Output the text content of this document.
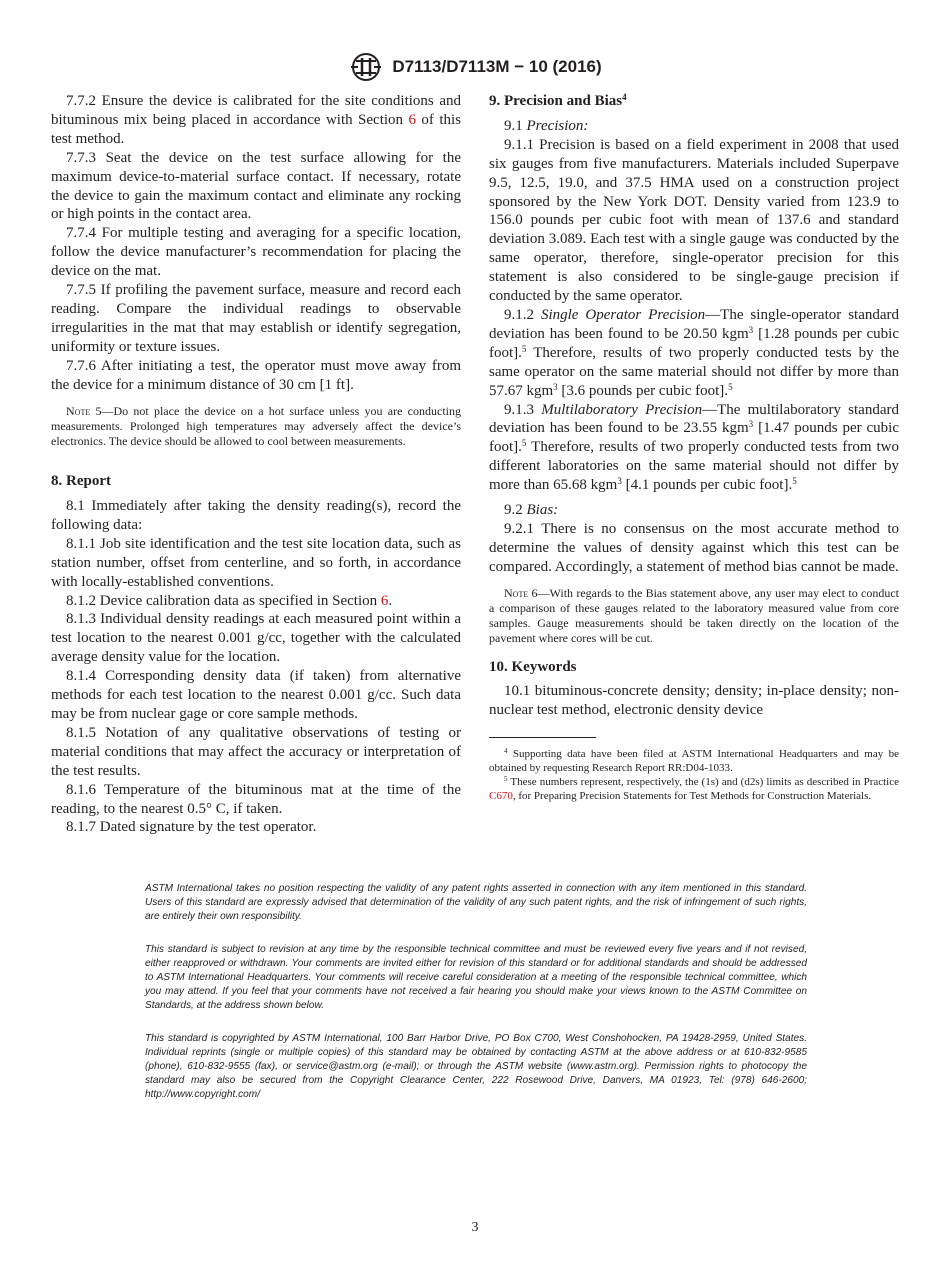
D7113/D7113M − 10 (2016)

7.7.2 Ensure the device is calibrated for the site conditions and bituminous mix being placed in accordance with Section 6 of this test method.

7.7.3 Seat the device on the test surface allowing for the maximum device-to-material surface contact. If necessary, rotate the device to gain the maximum contact and eliminate any rocking or high points in the contact area.

7.7.4 For multiple testing and averaging for a specific location, follow the device manufacturer’s recommendation for placing the device on the mat.

7.7.5 If profiling the pavement surface, measure and record each reading. Compare the individual readings to observable irregularities in the mat that may establish or identify segregation, uniformity or texture issues.

7.7.6 After initiating a test, the operator must move away from the device for a minimum distance of 30 cm [1 ft].

Note 5—Do not place the device on a hot surface unless you are conducting measurements. Prolonged high temperatures may adversely affect the device’s electronics. The device should be allowed to cool between measurements.

8. Report

8.1 Immediately after taking the density reading(s), record the following data:

8.1.1 Job site identification and the test site location data, such as station number, offset from centerline, and so forth, in accordance with locally-established conventions.

8.1.2 Device calibration data as specified in Section 6.

8.1.3 Individual density readings at each measured point within a test location to the nearest 0.001 g/cc, together with the calculated average density value for the location.

8.1.4 Corresponding density data (if taken) from alternative methods for each test location to the nearest 0.001 g/cc. Such data may be from nuclear gage or core sample methods.

8.1.5 Notation of any qualitative observations of testing or material conditions that may affect the accuracy or interpretation of the test results.

8.1.6 Temperature of the bituminous mat at the time of the reading, to the nearest 0.5° C, if taken.

8.1.7 Dated signature by the test operator.

9. Precision and Bias$^4$

9.1 Precision:

9.1.1 Precision is based on a field experiment in 2008 that used six gauges from five manufacturers. Materials included Superpave 9.5, 12.5, 19.0, and 37.5 HMA used on a construction project sponsored by the New York DOT. Density varied from 123.9 to 156.0 pounds per cubic foot with mean of 137.6 and standard deviation 3.089. Each test with a single gauge was conducted by the same operator, therefore, single-operator precision for this statement is also considered to be single-gauge precision if conducted by the same operator.

9.1.2 Single Operator Precision—The single-operator standard deviation has been found to be 20.50 kgm$^3$ [1.28 pounds per cubic foot].$^5$ Therefore, results of two properly conducted tests by the same operator on the same material should not differ by more than 57.67 kgm$^3$ [3.6 pounds per cubic foot].$^5$

9.1.3 Multilaboratory Precision—The multilaboratory standard deviation has been found to be 23.55 kgm$^3$ [1.47 pounds per cubic foot].$^5$ Therefore, results of two properly conducted tests from two different laboratories on the same material should not differ by more than 65.68 kgm$^3$ [4.1 pounds per cubic foot].$^5$

9.2 Bias:

9.2.1 There is no consensus on the most accurate method to determine the values of density against which this test can be compared. Accordingly, a statement of method bias cannot be made.

Note 6—With regards to the Bias statement above, any user may elect to conduct a comparison of these gauges related to the laboratory measured value from core samples. Gauge measurements should be taken directly on the location of the pavement where cores will be cut.

10. Keywords

10.1 bituminous-concrete density; density; in-place density; non-nuclear test method, electronic density device

$^4$ Supporting data have been filed at ASTM International Headquarters and may be obtained by requesting Research Report RR:D04-1033.

$^5$ These numbers represent, respectively, the (1s) and (d2s) limits as described in Practice C670, for Preparing Precision Statements for Test Methods for Construction Materials.

ASTM International takes no position respecting the validity of any patent rights asserted in connection with any item mentioned in this standard. Users of this standard are expressly advised that determination of the validity of any such patent rights, and the risk of infringement of such rights, are entirely their own responsibility.

This standard is subject to revision at any time by the responsible technical committee and must be reviewed every five years and if not revised, either reapproved or withdrawn. Your comments are invited either for revision of this standard or for additional standards and should be addressed to ASTM International Headquarters. Your comments will receive careful consideration at a meeting of the responsible technical committee, which you may attend. If you feel that your comments have not received a fair hearing you should make your views known to the ASTM Committee on Standards, at the address shown below.

This standard is copyrighted by ASTM International, 100 Barr Harbor Drive, PO Box C700, West Conshohocken, PA 19428-2959, United States. Individual reprints (single or multiple copies) of this standard may be obtained by contacting ASTM at the above address or at 610-832-9585 (phone), 610-832-9555 (fax), or service@astm.org (e-mail); or through the ASTM website (www.astm.org). Permission rights to photocopy the standard may also be secured from the Copyright Clearance Center, 222 Rosewood Drive, Danvers, MA 01923, Tel: (978) 646-2600; http://www.copyright.com/

3
